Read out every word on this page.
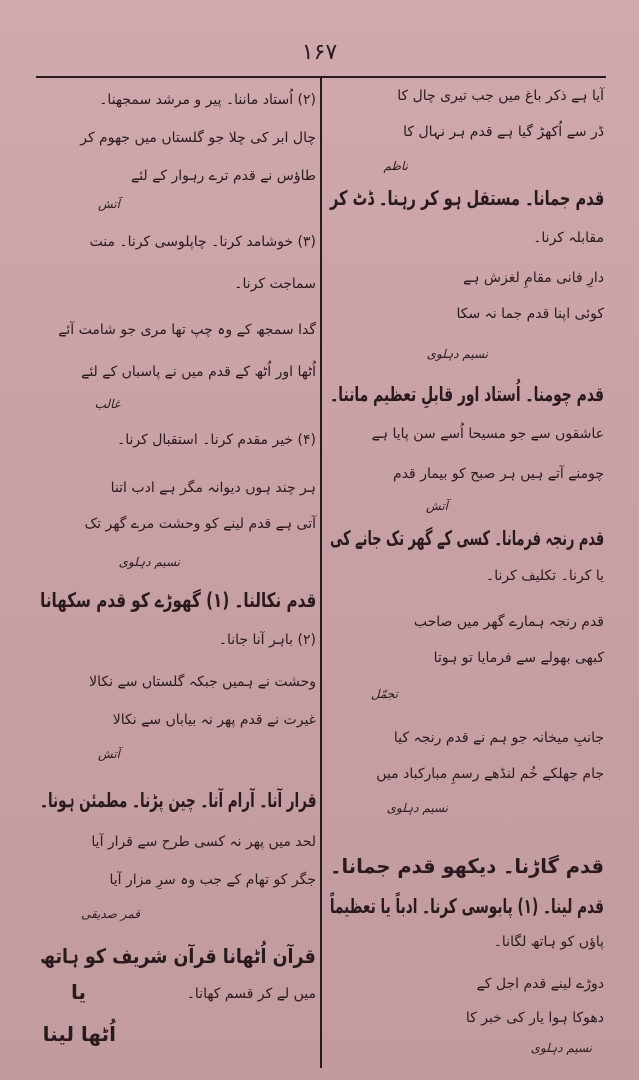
۱۶۷
آیا ہے ذکر باغ میں جب تیری چال کا
ڈر سے اُکھڑ گیا ہے قدم ہر نہال کا
ناظم
قدم جمانا۔ مستقل ہو کر رہنا۔ ڈٹ کر
مقابلہ کرنا۔
دارِ فانی مقامِ لغزش ہے
کوئی اپنا قدم جما نہ سکا
نسیم دہلوی
قدم چومنا۔ اُستاد اور قابلِ تعظیم ماننا۔
عاشقوں سے جو مسیحا اُسے سن پایا ہے
چومنے آتے ہیں ہر صبح کو بیمار قدم
آتش
قدم رنجہ فرمانا۔ کسی کے گھر تک جانے کی
یا کرنا۔ تکلیف کرنا۔
قدم رنجہ ہمارے گھر میں صاحب
کبھی بھولے سے فرمایا تو ہوتا
تجمّل
جانبِ میخانہ جو ہم نے قدم رنجہ کیا
جام جھلکے خُم لنڈھے رسمِ مبارکباد میں
نسیم دہلوی
قدم گاڑنا۔ دیکھو قدم جمانا۔
قدم لینا۔ (۱) پابوسی کرنا۔ ادباً یا تعظیماً
پاؤں کو ہاتھ لگانا۔
دوڑے لینے قدم اجل کے
دھوکا ہوا یار کی خبر کا
نسیم دہلوی
(۲) اُستاد ماننا۔ پیر و مرشد سمجھنا۔
چال ابر کی چلا جو گلستاں میں جھوم کر
طاؤس نے قدم ترے رہوار کے لئے
آتش
(۳) خوشامد کرنا۔ چاپلوسی کرنا۔ منت
سماجت کرنا۔
گدا سمجھ کے وہ چپ تھا مری جو شامت آئے
اُٹھا اور اُٹھ کے قدم میں نے پاسباں کے لئے
غالب
(۴) خیر مقدم کرنا۔ استقبال کرنا۔
ہر چند ہوں دیوانہ مگر ہے ادب اتنا
آتی ہے قدم لینے کو وحشت مرے گھر تک
نسیم دہلوی
قدم نکالنا۔ (۱) گھوڑے کو قدم سکھانا
(۲) باہر آنا جانا۔
وحشت نے ہمیں جبکہ گلستاں سے نکالا
غیرت نے قدم پھر نہ بیاباں سے نکالا
آتش
قرار آنا۔ آرام آنا۔ چین پڑنا۔ مطمئن ہونا۔
لحد میں پھر نہ کسی طرح سے قرار آیا
جگر کو تھام کے جب وہ سرِ مزار آیا
قمر صدیقی
قرآن اُٹھانا قرآن شریف کو ہاتھ
یا	میں لے کر قسم کھانا۔
اُٹھا لینا
